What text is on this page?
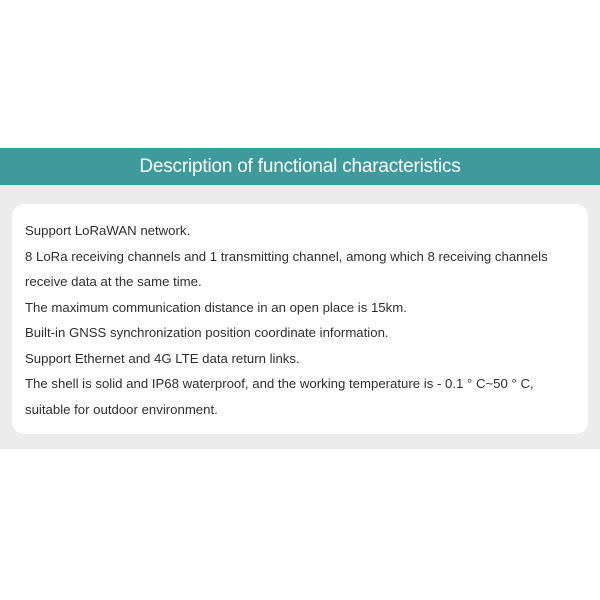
Description of functional characteristics
Support LoRaWAN network.
8 LoRa receiving channels and 1 transmitting channel, among which 8 receiving channels
receive data at the same time.
The maximum communication distance in an open place is 15km.
Built-in GNSS synchronization position coordinate information.
Support Ethernet and 4G LTE data return links.
The shell is solid and IP68 waterproof, and the working temperature is - 0.1 ° C~50 ° C,
suitable for outdoor environment.
